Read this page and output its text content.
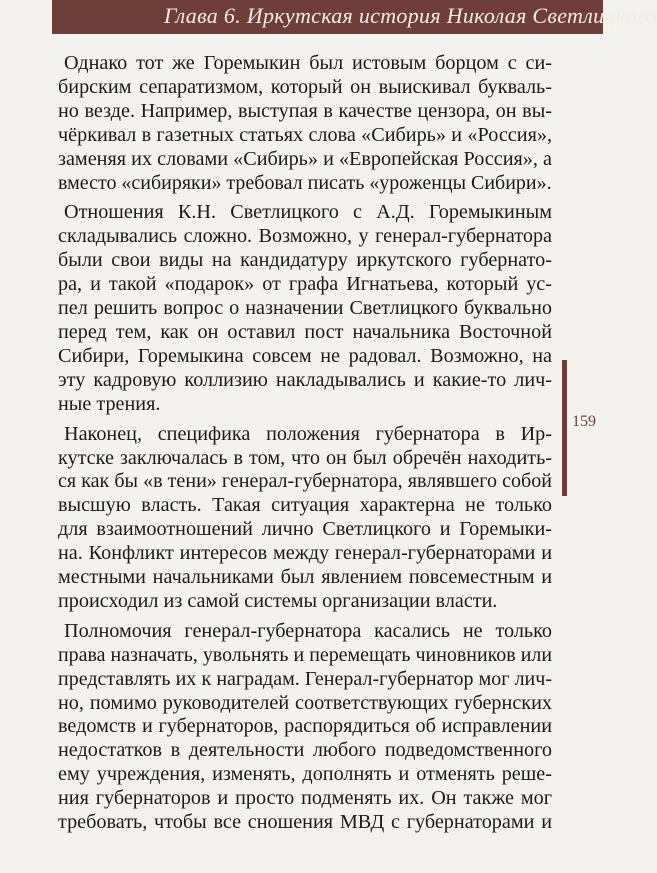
Глава 6. Иркутская история Николая Светлицкого
159

Однако тот же Горемыкин был истовым борцом с си-
бирским сепаратизмом, который он выискивал букваль-
но везде. Например, выступая в качестве цензора, он вы-
чёркивал в газетных статьях слова «Сибирь» и «Россия»,
заменяя их словами «Сибирь» и «Европейская Россия», а
вместо «сибиряки» требовал писать «уроженцы Сибири».

Отношения К.Н. Светлицкого с А.Д. Горемыкиным
складывались сложно. Возможно, у генерал-губернатора
были свои виды на кандидатуру иркутского губернато-
ра, и такой «подарок» от графа Игнатьева, который ус-
пел решить вопрос о назначении Светлицкого буквально
перед тем, как он оставил пост начальника Восточной
Сибири, Горемыкина совсем не радовал. Возможно, на
эту кадровую коллизию накладывались и какие-то лич-
ные трения.

Наконец, специфика положения губернатора в Ир-
кутске заключалась в том, что он был обречён находить-
ся как бы «в тени» генерал-губернатора, являвшего собой
высшую власть. Такая ситуация характерна не только
для взаимоотношений лично Светлицкого и Горемыки-
на. Конфликт интересов между генерал-губернаторами и
местными начальниками был явлением повсеместным и
происходил из самой системы организации власти.

Полномочия генерал-губернатора касались не только
права назначать, увольнять и перемещать чиновников или
представлять их к наградам. Генерал-губернатор мог лич-
но, помимо руководителей соответствующих губернских
ведомств и губернаторов, распорядиться об исправлении
недостатков в деятельности любого подведомственного
ему учреждения, изменять, дополнять и отменять реше-
ния губернаторов и просто подменять их. Он также мог
требовать, чтобы все сношения МВД с губернаторами и
